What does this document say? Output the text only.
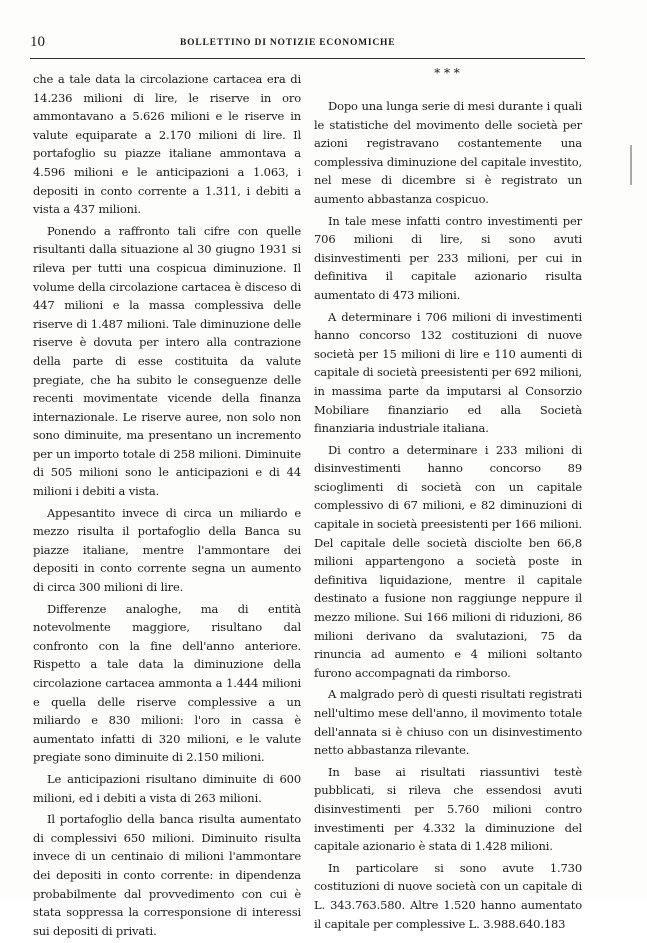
10	BOLLETTINO DI NOTIZIE ECONOMICHE

che a tale data la circolazione cartacea era di 14.236 milioni di lire, le riserve in oro ammontavano a 5.626 milioni e le riserve in valute equiparate a 2.170 milioni di lire. Il portafoglio su piazze italiane ammontava a 4.596 milioni e le anticipazioni a 1.063, i depositi in conto corrente a 1.311, i debiti a vista a 437 milioni.

Ponendo a raffronto tali cifre con quelle risultanti dalla situazione al 30 giugno 1931 si rileva per tutti una cospicua diminuzione. Il volume della circolazione cartacea è disceso di 447 milioni e la massa complessiva delle riserve di 1.487 milioni. Tale diminuzione delle riserve è dovuta per intero alla contrazione della parte di esse costituita da valute pregiate, che ha subito le conseguenze delle recenti movimentate vicende della finanza internazionale. Le riserve auree, non solo non sono diminuite, ma presentano un incremento per un importo totale di 258 milioni. Diminuite di 505 milioni sono le anticipazioni e di 44 milioni i debiti a vista.

Appesantito invece di circa un miliardo e mezzo risulta il portafoglio della Banca su piazze italiane, mentre l'ammontare dei depositi in conto corrente segna un aumento di circa 300 milioni di lire.

Differenze analoghe, ma di entità notevolmente maggiore, risultano dal confronto con la fine dell'anno anteriore. Rispetto a tale data la diminuzione della circolazione cartacea ammonta a 1.444 milioni e quella delle riserve complessive a un miliardo e 830 milioni: l'oro in cassa è aumentato infatti di 320 milioni, e le valute pregiate sono diminuite di 2.150 milioni.

Le anticipazioni risultano diminuite di 600 milioni, ed i debiti a vista di 263 milioni.

Il portafoglio della banca risulta aumentato di complessivi 650 milioni. Diminuito risulta invece di un centinaio di milioni l'ammontare dei depositi in conto corrente: in dipendenza probabilmente dal provvedimento con cui è stata soppressa la corresponsione di interessi sui depositi di privati.

* * *

Dopo una lunga serie di mesi durante i quali le statistiche del movimento delle società per azioni registravano costantemente una complessiva diminuzione del capitale investito, nel mese di dicembre si è registrato un aumento abbastanza cospicuo.

In tale mese infatti contro investimenti per 706 milioni di lire, si sono avuti disinvestimenti per 233 milioni, per cui in definitiva il capitale azionario risulta aumentato di 473 milioni.

A determinare i 706 milioni di investimenti hanno concorso 132 costituzioni di nuove società per 15 milioni di lire e 110 aumenti di capitale di società preesistenti per 692 milioni, in massima parte da imputarsi al Consorzio Mobiliare finanziario ed alla Società finanziaria industriale italiana.

Di contro a determinare i 233 milioni di disinvestimenti hanno concorso 89 scioglimenti di società con un capitale complessivo di 67 milioni, e 82 diminuzioni di capitale in società preesistenti per 166 milioni. Del capitale delle società disciolte ben 66,8 milioni appartengono a società poste in definitiva liquidazione, mentre il capitale destinato a fusione non raggiunge neppure il mezzo milione. Sui 166 milioni di riduzioni, 86 milioni derivano da svalutazioni, 75 da rinuncia ad aumento e 4 milioni soltanto furono accompagnati da rimborso.

A malgrado però di questi risultati registrati nell'ultimo mese dell'anno, il movimento totale dell'annata si è chiuso con un disinvestimento netto abbastanza rilevante.

In base ai risultati riassuntivi testè pubblicati, si rileva che essendosi avuti disinvestimenti per 5.760 milioni contro investimenti per 4.332 la diminuzione del capitale azionario è stata di 1.428 milioni.

In particolare si sono avute 1.730 costituzioni di nuove società con un capitale di L. 343.763.580. Altre 1.520 hanno aumentato il capitale per complessive L. 3.988.640.183
